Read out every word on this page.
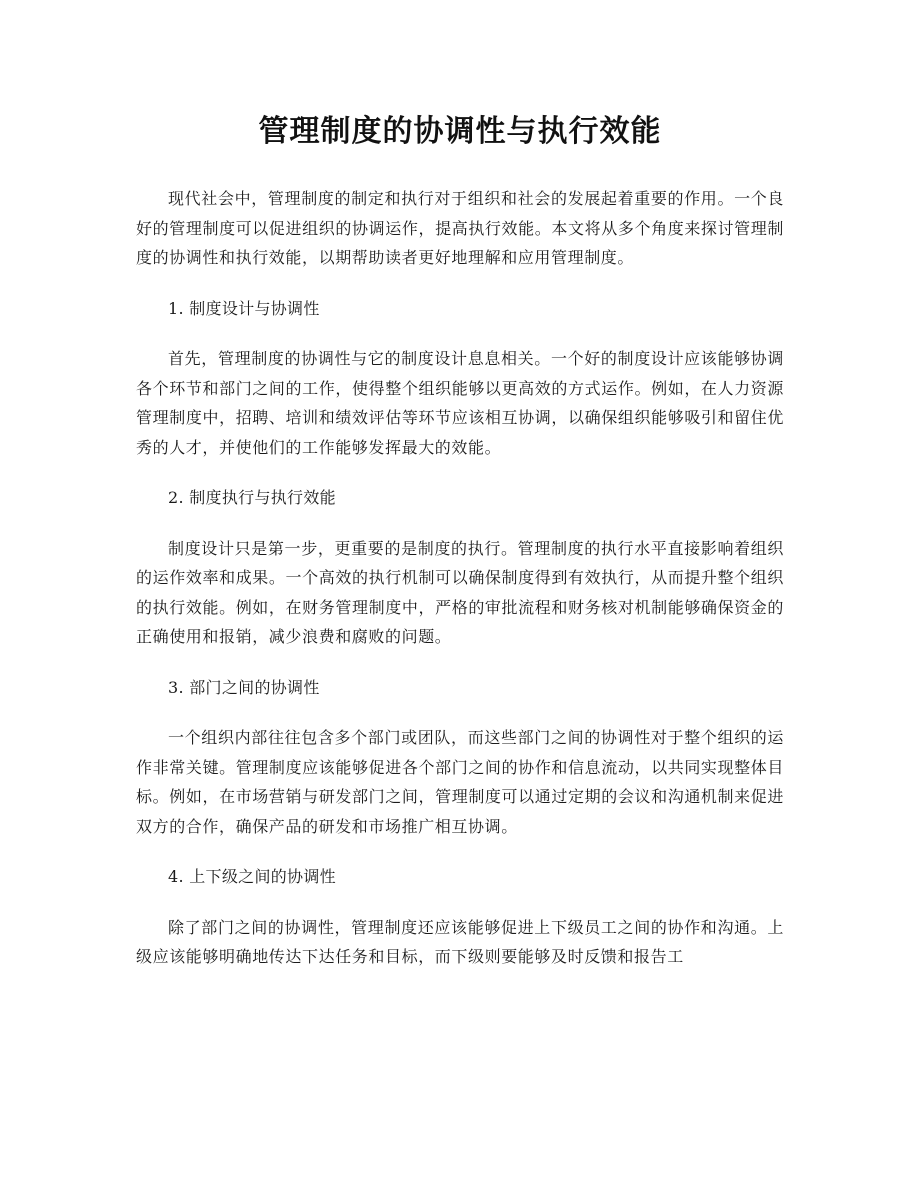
管理制度的协调性与执行效能

现代社会中，管理制度的制定和执行对于组织和社会的发展起着重要的作用。一个良好的管理制度可以促进组织的协调运作，提高执行效能。本文将从多个角度来探讨管理制度的协调性和执行效能，以期帮助读者更好地理解和应用管理制度。

1. 制度设计与协调性

首先，管理制度的协调性与它的制度设计息息相关。一个好的制度设计应该能够协调各个环节和部门之间的工作，使得整个组织能够以更高效的方式运作。例如，在人力资源管理制度中，招聘、培训和绩效评估等环节应该相互协调，以确保组织能够吸引和留住优秀的人才，并使他们的工作能够发挥最大的效能。

2. 制度执行与执行效能

制度设计只是第一步，更重要的是制度的执行。管理制度的执行水平直接影响着组织的运作效率和成果。一个高效的执行机制可以确保制度得到有效执行，从而提升整个组织的执行效能。例如，在财务管理制度中，严格的审批流程和财务核对机制能够确保资金的正确使用和报销，减少浪费和腐败的问题。

3. 部门之间的协调性

一个组织内部往往包含多个部门或团队，而这些部门之间的协调性对于整个组织的运作非常关键。管理制度应该能够促进各个部门之间的协作和信息流动，以共同实现整体目标。例如，在市场营销与研发部门之间，管理制度可以通过定期的会议和沟通机制来促进双方的合作，确保产品的研发和市场推广相互协调。

4. 上下级之间的协调性

除了部门之间的协调性，管理制度还应该能够促进上下级员工之间的协作和沟通。上级应该能够明确地传达下达任务和目标，而下级则要能够及时反馈和报告工
